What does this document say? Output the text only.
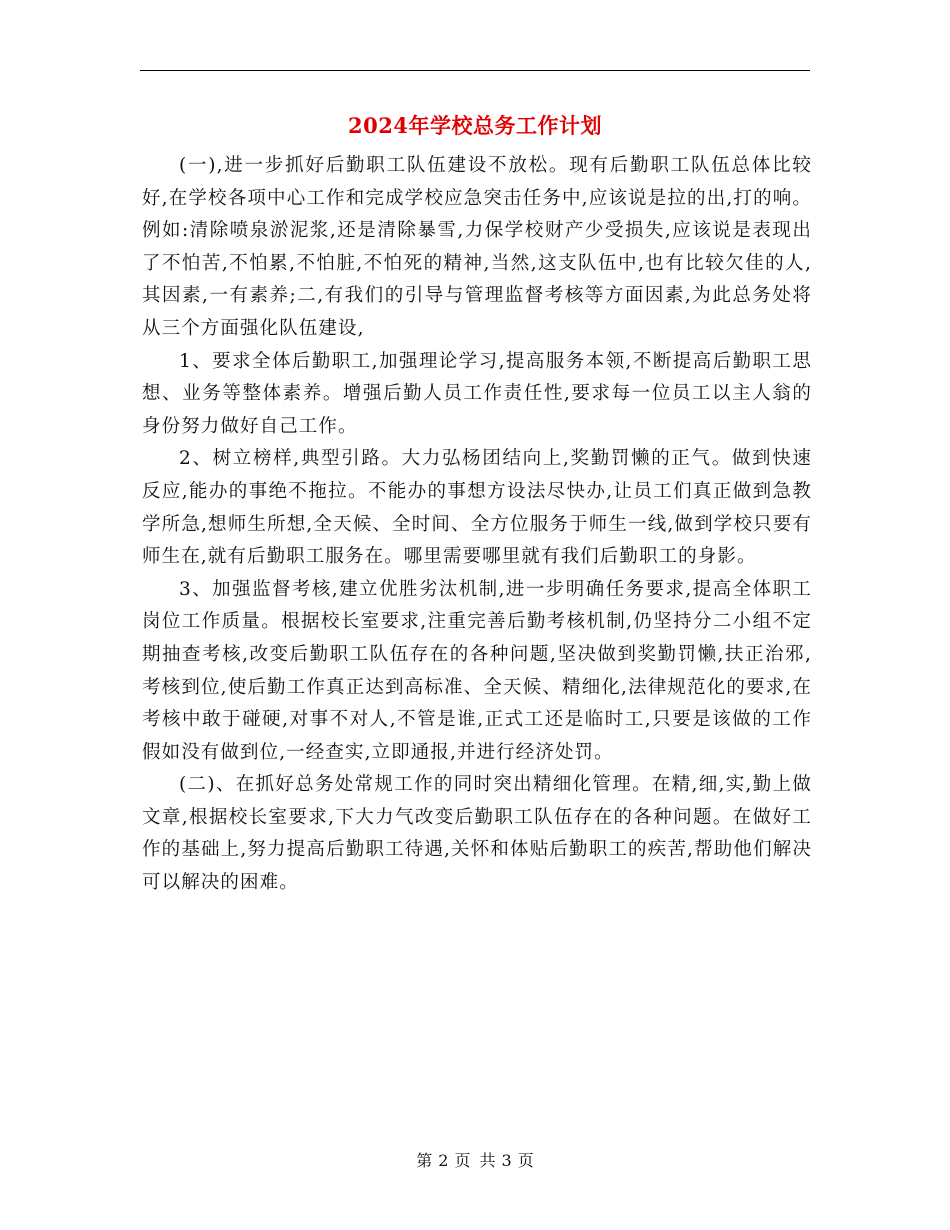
2024年学校总务工作计划

(一),进一步抓好后勤职工队伍建设不放松。现有后勤职工队伍总体比较好,在学校各项中心工作和完成学校应急突击任务中,应该说是拉的出,打的响。例如:清除喷泉淤泥浆,还是清除暴雪,力保学校财产少受损失,应该说是表现出了不怕苦,不怕累,不怕脏,不怕死的精神,当然,这支队伍中,也有比较欠佳的人,其因素,一有素养;二,有我们的引导与管理监督考核等方面因素,为此总务处将从三个方面强化队伍建设,

1、要求全体后勤职工,加强理论学习,提高服务本领,不断提高后勤职工思想、业务等整体素养。增强后勤人员工作责任性,要求每一位员工以主人翁的身份努力做好自己工作。

2、树立榜样,典型引路。大力弘杨团结向上,奖勤罚懒的正气。做到快速反应,能办的事绝不拖拉。不能办的事想方设法尽快办,让员工们真正做到急教学所急,想师生所想,全天候、全时间、全方位服务于师生一线,做到学校只要有师生在,就有后勤职工服务在。哪里需要哪里就有我们后勤职工的身影。

3、加强监督考核,建立优胜劣汰机制,进一步明确任务要求,提高全体职工岗位工作质量。根据校长室要求,注重完善后勤考核机制,仍坚持分二小组不定期抽查考核,改变后勤职工队伍存在的各种问题,坚决做到奖勤罚懒,扶正治邪,考核到位,使后勤工作真正达到高标准、全天候、精细化,法律规范化的要求,在考核中敢于碰硬,对事不对人,不管是谁,正式工还是临时工,只要是该做的工作假如没有做到位,一经查实,立即通报,并进行经济处罚。

(二)、在抓好总务处常规工作的同时突出精细化管理。在精,细,实,勤上做文章,根据校长室要求,下大力气改变后勤职工队伍存在的各种问题。在做好工作的基础上,努力提高后勤职工待遇,关怀和体贴后勤职工的疾苦,帮助他们解决可以解决的困难。

第 2 页 共 3 页
